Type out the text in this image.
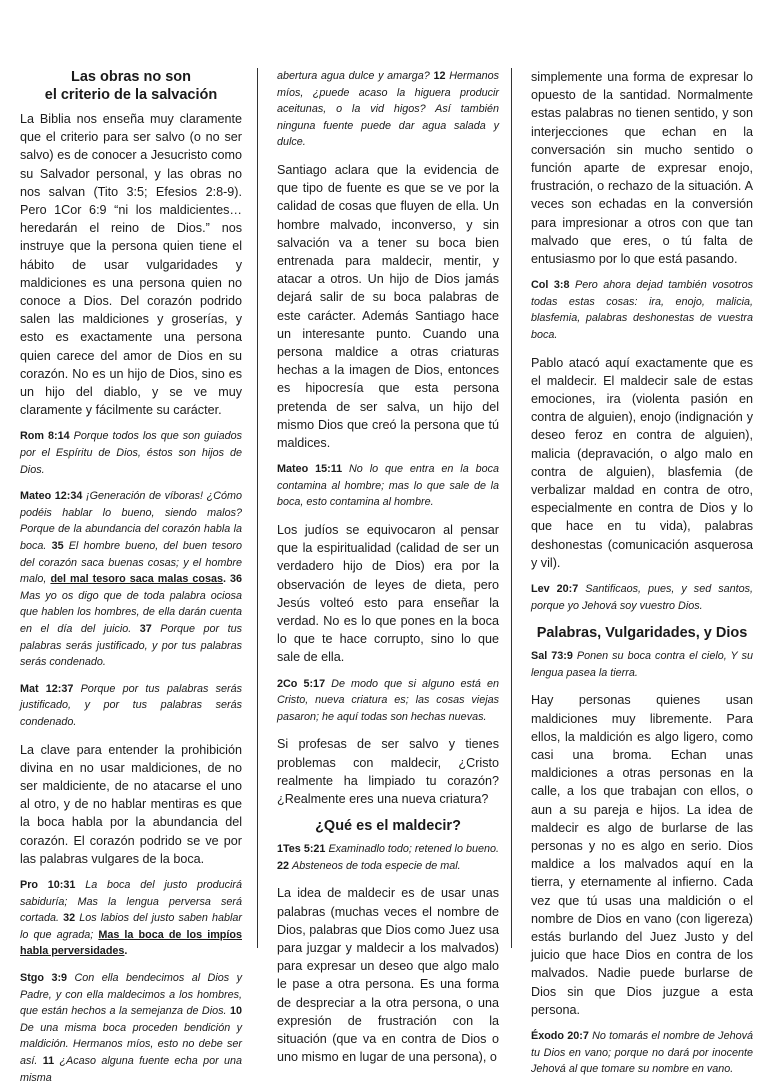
Las obras no son
el criterio de la salvación

La Biblia nos enseña muy claramente que el criterio para ser salvo (o no ser salvo) es de conocer a Jesucristo como su Salvador personal, y las obras no nos salvan (Tito 3:5; Efesios 2:8-9). Pero 1Cor 6:9 “ni los maldicientes… heredarán el reino de Dios.” nos instruye que la persona quien tiene el hábito de usar vulgaridades y maldiciones es una persona quien no conoce a Dios. Del corazón podrido salen las maldiciones y groserías, y esto es exactamente una persona quien carece del amor de Dios en su corazón. No es un hijo de Dios, sino es un hijo del diablo, y se ve muy claramente y fácilmente su carácter.

Rom 8:14 Porque todos los que son guiados por el Espíritu de Dios, éstos son hijos de Dios.

Mateo 12:34 ¡Generación de víboras! ¿Cómo podéis hablar lo bueno, siendo malos? Porque de la abundancia del corazón habla la boca. 35 El hombre bueno, del buen tesoro del corazón saca buenas cosas; y el hombre malo, del mal tesoro saca malas cosas. 36 Mas yo os digo que de toda palabra ociosa que hablen los hombres, de ella darán cuenta en el día del juicio. 37 Porque por tus palabras serás justificado, y por tus palabras serás condenado.

Mat 12:37 Porque por tus palabras serás justificado, y por tus palabras serás condenado.

La clave para entender la prohibición divina en no usar maldiciones, de no ser maldiciente, de no atacarse el uno al otro, y de no hablar mentiras es que la boca habla por la abundancia del corazón. El corazón podrido se ve por las palabras vulgares de la boca.

Pro 10:31 La boca del justo producirá sabiduría; Mas la lengua perversa será cortada. 32 Los labios del justo saben hablar lo que agrada; Mas la boca de los impíos habla perversidades.

Stgo 3:9 Con ella bendecimos al Dios y Padre, y con ella maldecimos a los hombres, que están hechos a la semejanza de Dios. 10 De una misma boca proceden bendición y maldición. Hermanos míos, esto no debe ser así. 11 ¿Acaso alguna fuente echa por una misma

abertura agua dulce y amarga? 12 Hermanos míos, ¿puede acaso la higuera producir aceitunas, o la vid higos? Así también ninguna fuente puede dar agua salada y dulce.

Santiago aclara que la evidencia de que tipo de fuente es que se ve por la calidad de cosas que fluyen de ella. Un hombre malvado, inconverso, y sin salvación va a tener su boca bien entrenada para maldecir, mentir, y atacar a otros. Un hijo de Dios jamás dejará salir de su boca palabras de este carácter. Además Santiago hace un interesante punto. Cuando una persona maldice a otras criaturas hechas a la imagen de Dios, entonces es hipocresía que esta persona pretenda de ser salva, un hijo del mismo Dios que creó la persona que tú maldices.

Mateo 15:11 No lo que entra en la boca contamina al hombre; mas lo que sale de la boca, esto contamina al hombre.

Los judíos se equivocaron al pensar que la espiritualidad (calidad de ser un verdadero hijo de Dios) era por la observación de leyes de dieta, pero Jesús volteó esto para enseñar la verdad. No es lo que pones en la boca lo que te hace corrupto, sino lo que sale de ella.

2Co 5:17 De modo que si alguno está en Cristo, nueva criatura es; las cosas viejas pasaron; he aquí todas son hechas nuevas.

Si profesas de ser salvo y tienes problemas con maldecir, ¿Cristo realmente ha limpiado tu corazón? ¿Realmente eres una nueva criatura?

¿Qué es el maldecir?

1Tes 5:21 Examinadlo todo; retened lo bueno. 22 Absteneos de toda especie de mal.

La idea de maldecir es de usar unas palabras (muchas veces el nombre de Dios, palabras que Dios como Juez usa para juzgar y maldecir a los malvados) para expresar un deseo que algo malo le pase a otra persona. Es una forma de despreciar a la otra persona, o una expresión de frustración con la situación (que va en contra de Dios o uno mismo en lugar de una persona), o

simplemente una forma de expresar lo opuesto de la santidad. Normalmente estas palabras no tienen sentido, y son interjecciones que echan en la conversación sin mucho sentido o función aparte de expresar enojo, frustración, o rechazo de la situación. A veces son echadas en la conversión para impresionar a otros con que tan malvado que eres, o tú falta de entusiasmo por lo que está pasando.

Col 3:8 Pero ahora dejad también vosotros todas estas cosas: ira, enojo, malicia, blasfemia, palabras deshonestas de vuestra boca.

Pablo atacó aquí exactamente que es el maldecir. El maldecir sale de estas emociones, ira (violenta pasión en contra de alguien), enojo (indignación y deseo feroz en contra de alguien), malicia (depravación, o algo malo en contra de alguien), blasfemia (de verbalizar maldad en contra de otro, especialmente en contra de Dios y lo que hace en tu vida), palabras deshonestas (comunicación asquerosa y vil).

Lev 20:7 Santificaos, pues, y sed santos, porque yo Jehová soy vuestro Dios.

Palabras, Vulgaridades, y Dios

Sal 73:9 Ponen su boca contra el cielo, Y su lengua pasea la tierra.

Hay personas quienes usan maldiciones muy libremente. Para ellos, la maldición es algo ligero, como casi una broma. Echan unas maldiciones a otras personas en la calle, a los que trabajan con ellos, o aun a su pareja e hijos. La idea de maldecir es algo de burlarse de las personas y no es algo en serio. Dios maldice a los malvados aquí en la tierra, y eternamente al infierno. Cada vez que tú usas una maldición o el nombre de Dios en vano (con ligereza) estás burlando del Juez Justo y del juicio que hace Dios en contra de los malvados. Nadie puede burlarse de Dios sin que Dios juzgue a esta persona.

Éxodo 20:7 No tomarás el nombre de Jehová tu Dios en vano; porque no dará por inocente Jehová al que tomare su nombre en vano.
